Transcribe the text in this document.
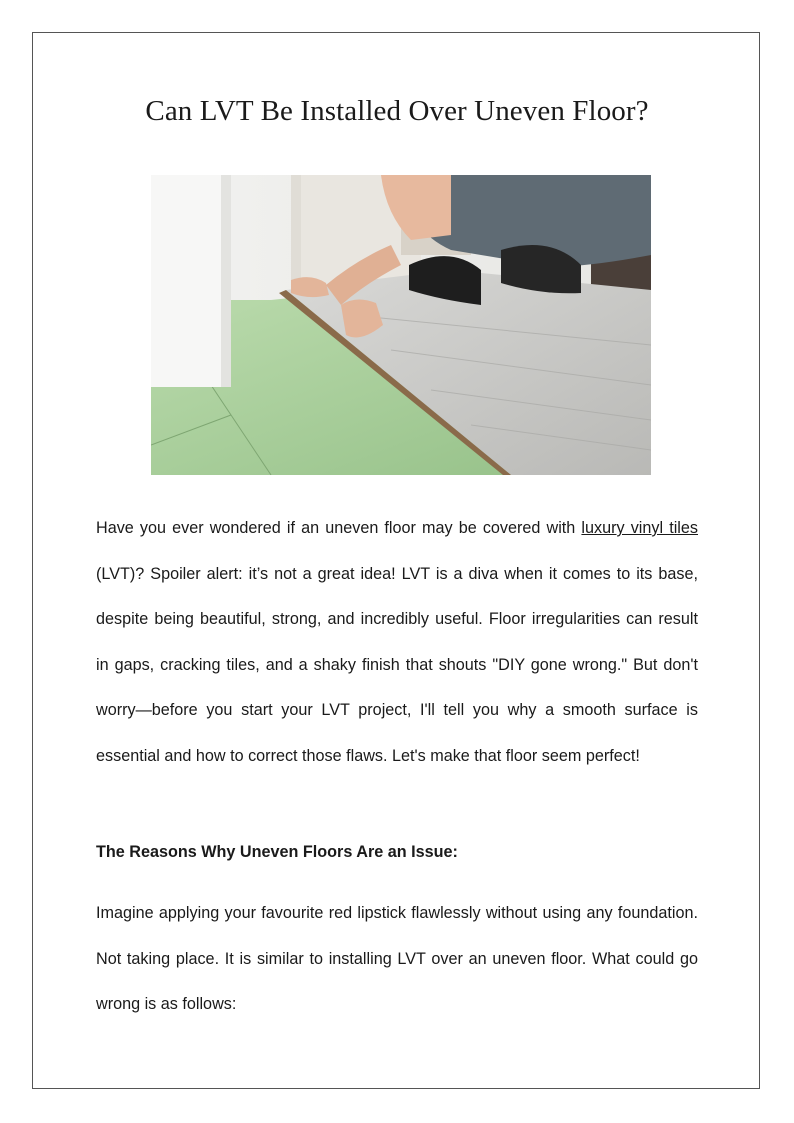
Can LVT Be Installed Over Uneven Floor?

Have you ever wondered if an uneven floor may be covered with luxury vinyl tiles (LVT)? Spoiler alert: it’s not a great idea! LVT is a diva when it comes to its base, despite being beautiful, strong, and incredibly useful. Floor irregularities can result in gaps, cracking tiles, and a shaky finish that shouts "DIY gone wrong." But don't worry—before you start your LVT project, I'll tell you why a smooth surface is essential and how to correct those flaws. Let's make that floor seem perfect!

The Reasons Why Uneven Floors Are an Issue:

Imagine applying your favourite red lipstick flawlessly without using any foundation. Not taking place. It is similar to installing LVT over an uneven floor. What could go wrong is as follows:
